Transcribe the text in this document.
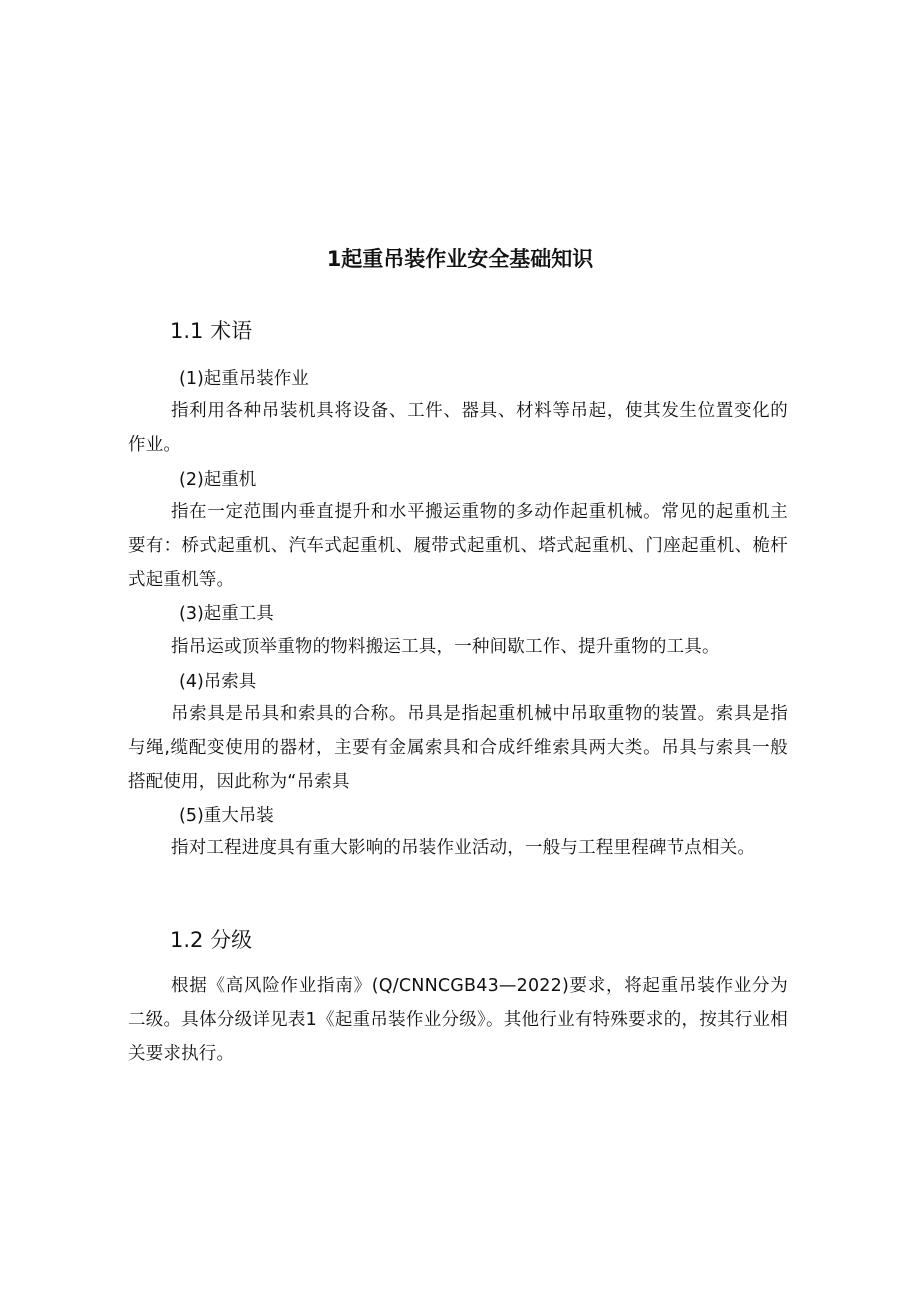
1起重吊装作业安全基础知识
1.1 术语
(1)起重吊装作业
指利用各种吊装机具将设备、工件、器具、材料等吊起，使其发生位置变化的作业。
(2)起重机
指在一定范围内垂直提升和水平搬运重物的多动作起重机械。常见的起重机主要有：桥式起重机、汽车式起重机、履带式起重机、塔式起重机、门座起重机、桅杆式起重机等。
(3)起重工具
指吊运或顶举重物的物料搬运工具，一种间歇工作、提升重物的工具。
(4)吊索具
吊索具是吊具和索具的合称。吊具是指起重机械中吊取重物的装置。索具是指与绳,缆配变使用的器材，主要有金属索具和合成纤维索具两大类。吊具与索具一般搭配使用，因此称为“吊索具
(5)重大吊装
指对工程进度具有重大影响的吊装作业活动，一般与工程里程碑节点相关。
1.2 分级
根据《高风险作业指南》(Q/CNNCGB43—2022)要求，将起重吊装作业分为二级。具体分级详见表1《起重吊装作业分级》。其他行业有特殊要求的，按其行业相关要求执行。
